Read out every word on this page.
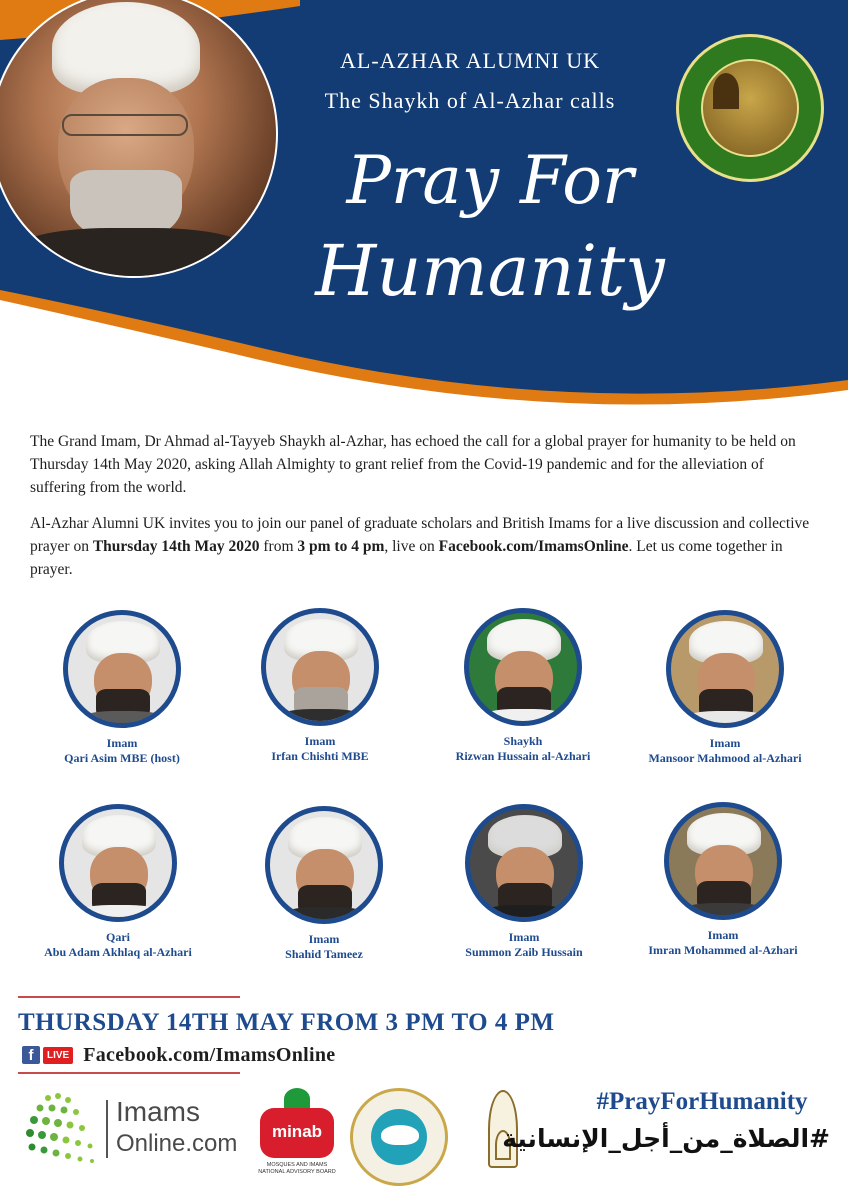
AL-AZHAR ALUMNI UK
The Shaykh of Al-Azhar calls
Pray For
Humanity

The Grand Imam, Dr Ahmad al-Tayyeb Shaykh al-Azhar, has echoed the call for a global prayer for humanity to be held on Thursday 14th May 2020, asking Allah Almighty to grant relief from the Covid-19 pandemic and for the alleviation of suffering from the world.

Al-Azhar Alumni UK invites you to join our panel of graduate scholars and British Imams for a live discussion and collective prayer on Thursday 14th May 2020 from 3 pm to 4 pm, live on Facebook.com/ImamsOnline. Let us come together in prayer.

Imam
Qari Asim MBE (host)
Imam
Irfan Chishti MBE
Shaykh
Rizwan Hussain al-Azhari
Imam
Mansoor Mahmood al-Azhari
Qari
Abu Adam Akhlaq al-Azhari
Imam
Shahid Tameez
Imam
Summon Zaib Hussain
Imam
Imran Mohammed al-Azhari
THURSDAY 14TH MAY FROM 3 PM TO 4 PM
f	LIVE Facebook.com/ImamsOnline
Imams
Online.com	minab
MOSQUES AND IMAMS NATIONAL ADVISORY BOARD
#PrayForHumanity
#الصلاة_من_أجل_الإنسانية
